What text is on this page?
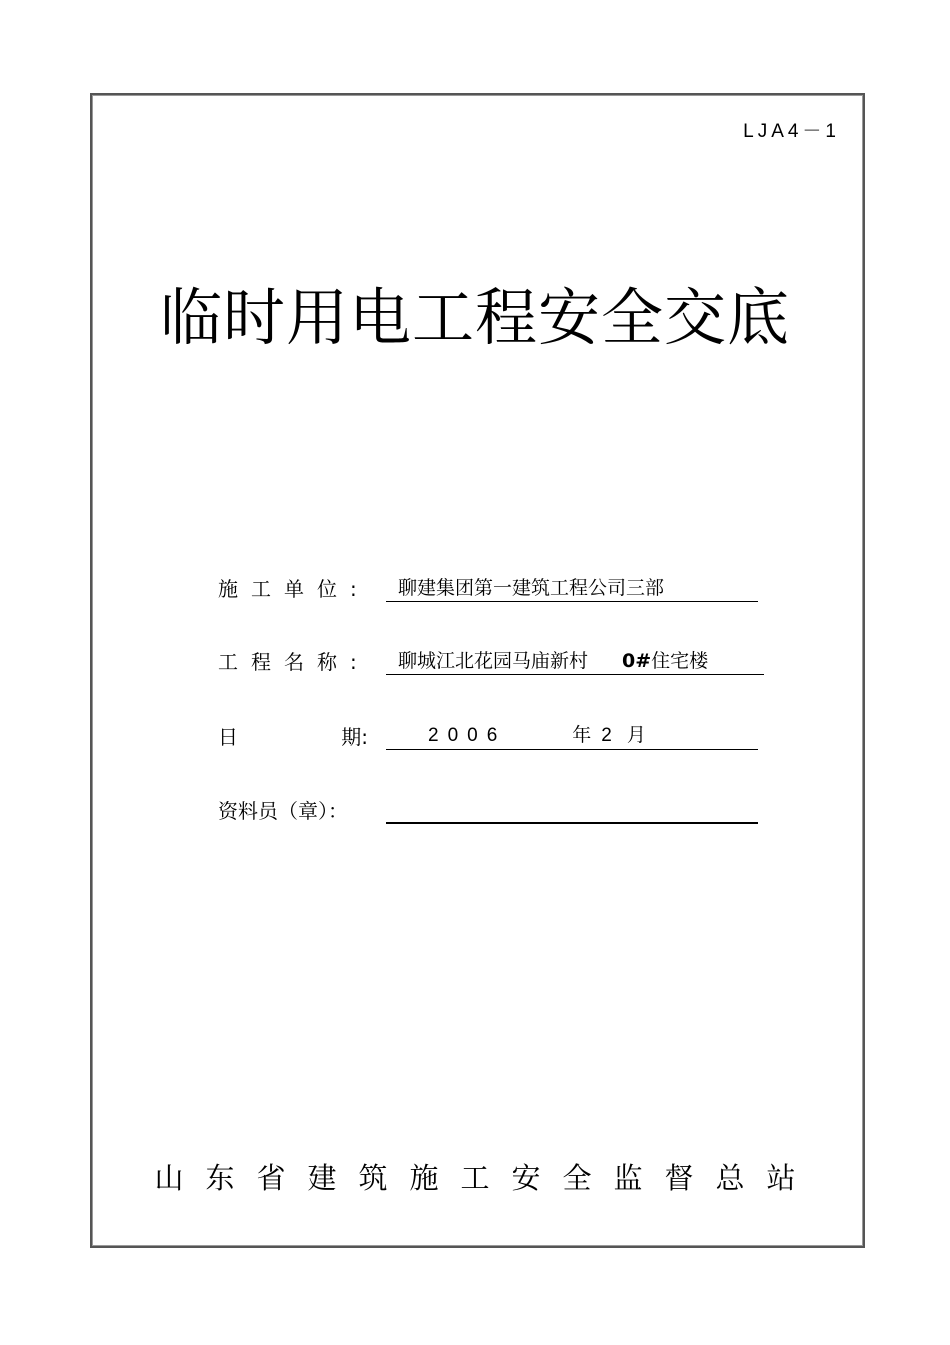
LJA4－1
临时用电工程安全交底
施工单位:	聊建集团第一建筑工程公司三部
工程名称:	聊城江北花园马庙新村 0#住宅楼
日	期:	2006	年 2 月
资料员（章）：
山东省建筑施工安全监督总站
